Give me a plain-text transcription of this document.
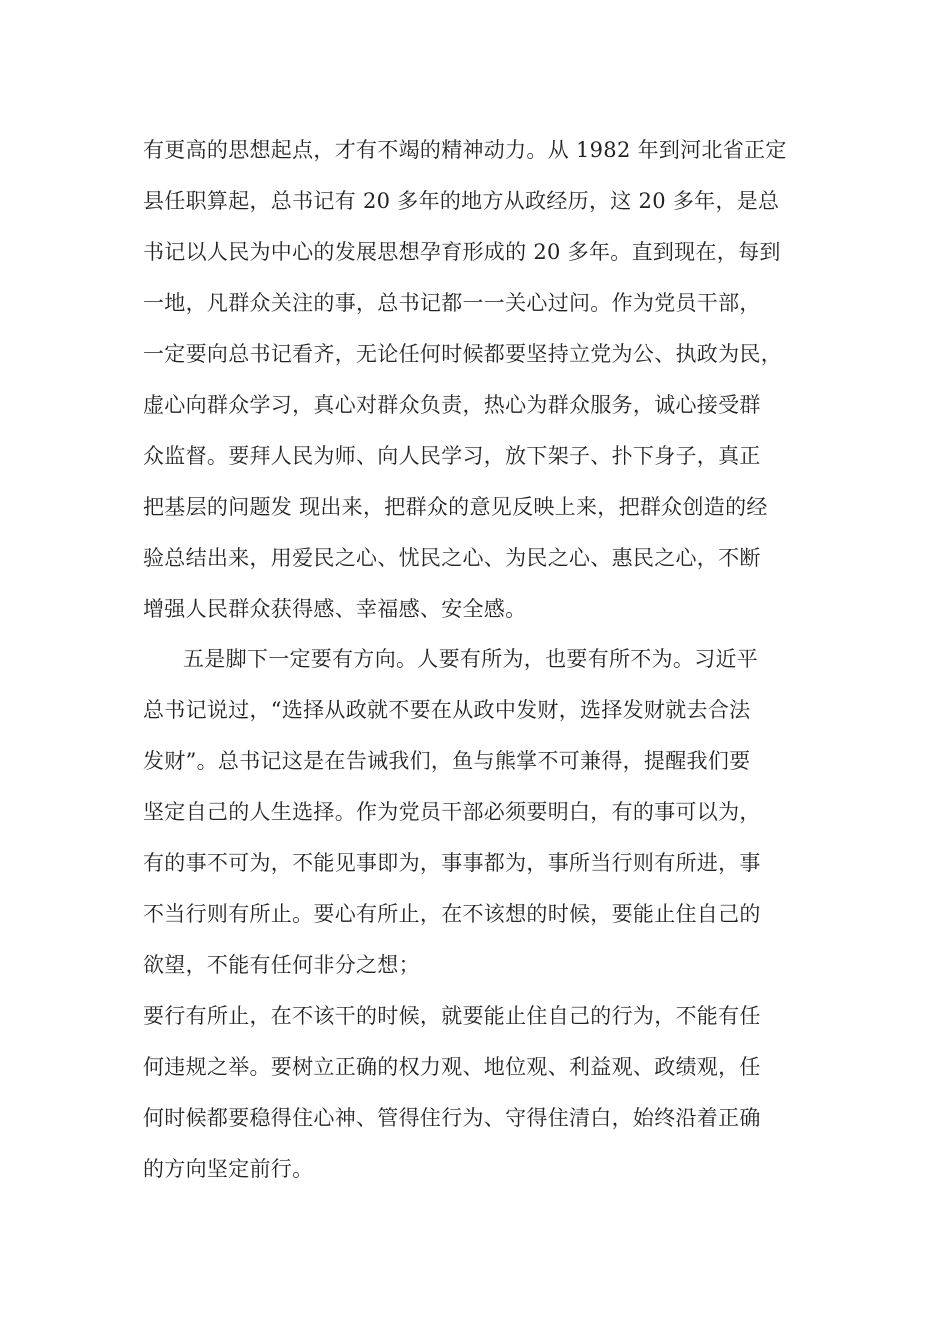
有更高的思想起点，才有不竭的精神动力。从 1982 年到河北省正定
县任职算起，总书记有 20 多年的地方从政经历，这 20 多年，是总
书记以人民为中心的发展思想孕育形成的 20 多年。直到现在，每到
一地，凡群众关注的事，总书记都一一关心过问。作为党员干部，
一定要向总书记看齐，无论任何时候都要坚持立党为公、执政为民，
虚心向群众学习，真心对群众负责，热心为群众服务，诚心接受群
众监督。要拜人民为师、向人民学习，放下架子、扑下身子，真正
把基层的问题发 现出来，把群众的意见反映上来，把群众创造的经
验总结出来，用爱民之心、忧民之心、为民之心、惠民之心，不断
增强人民群众获得感、幸福感、安全感。
五是脚下一定要有方向。人要有所为，也要有所不为。习近平
总书记说过，“选择从政就不要在从政中发财，选择发财就去合法
发财”。总书记这是在告诫我们，鱼与熊掌不可兼得，提醒我们要
坚定自己的人生选择。作为党员干部必须要明白，有的事可以为，
有的事不可为，不能见事即为，事事都为，事所当行则有所进，事
不当行则有所止。要心有所止，在不该想的时候，要能止住自己的
欲望，不能有任何非分之想；
要行有所止，在不该干的时候，就要能止住自己的行为，不能有任
何违规之举。要树立正确的权力观、地位观、利益观、政绩观，任
何时候都要稳得住心神、管得住行为、守得住清白，始终沿着正确
的方向坚定前行。
